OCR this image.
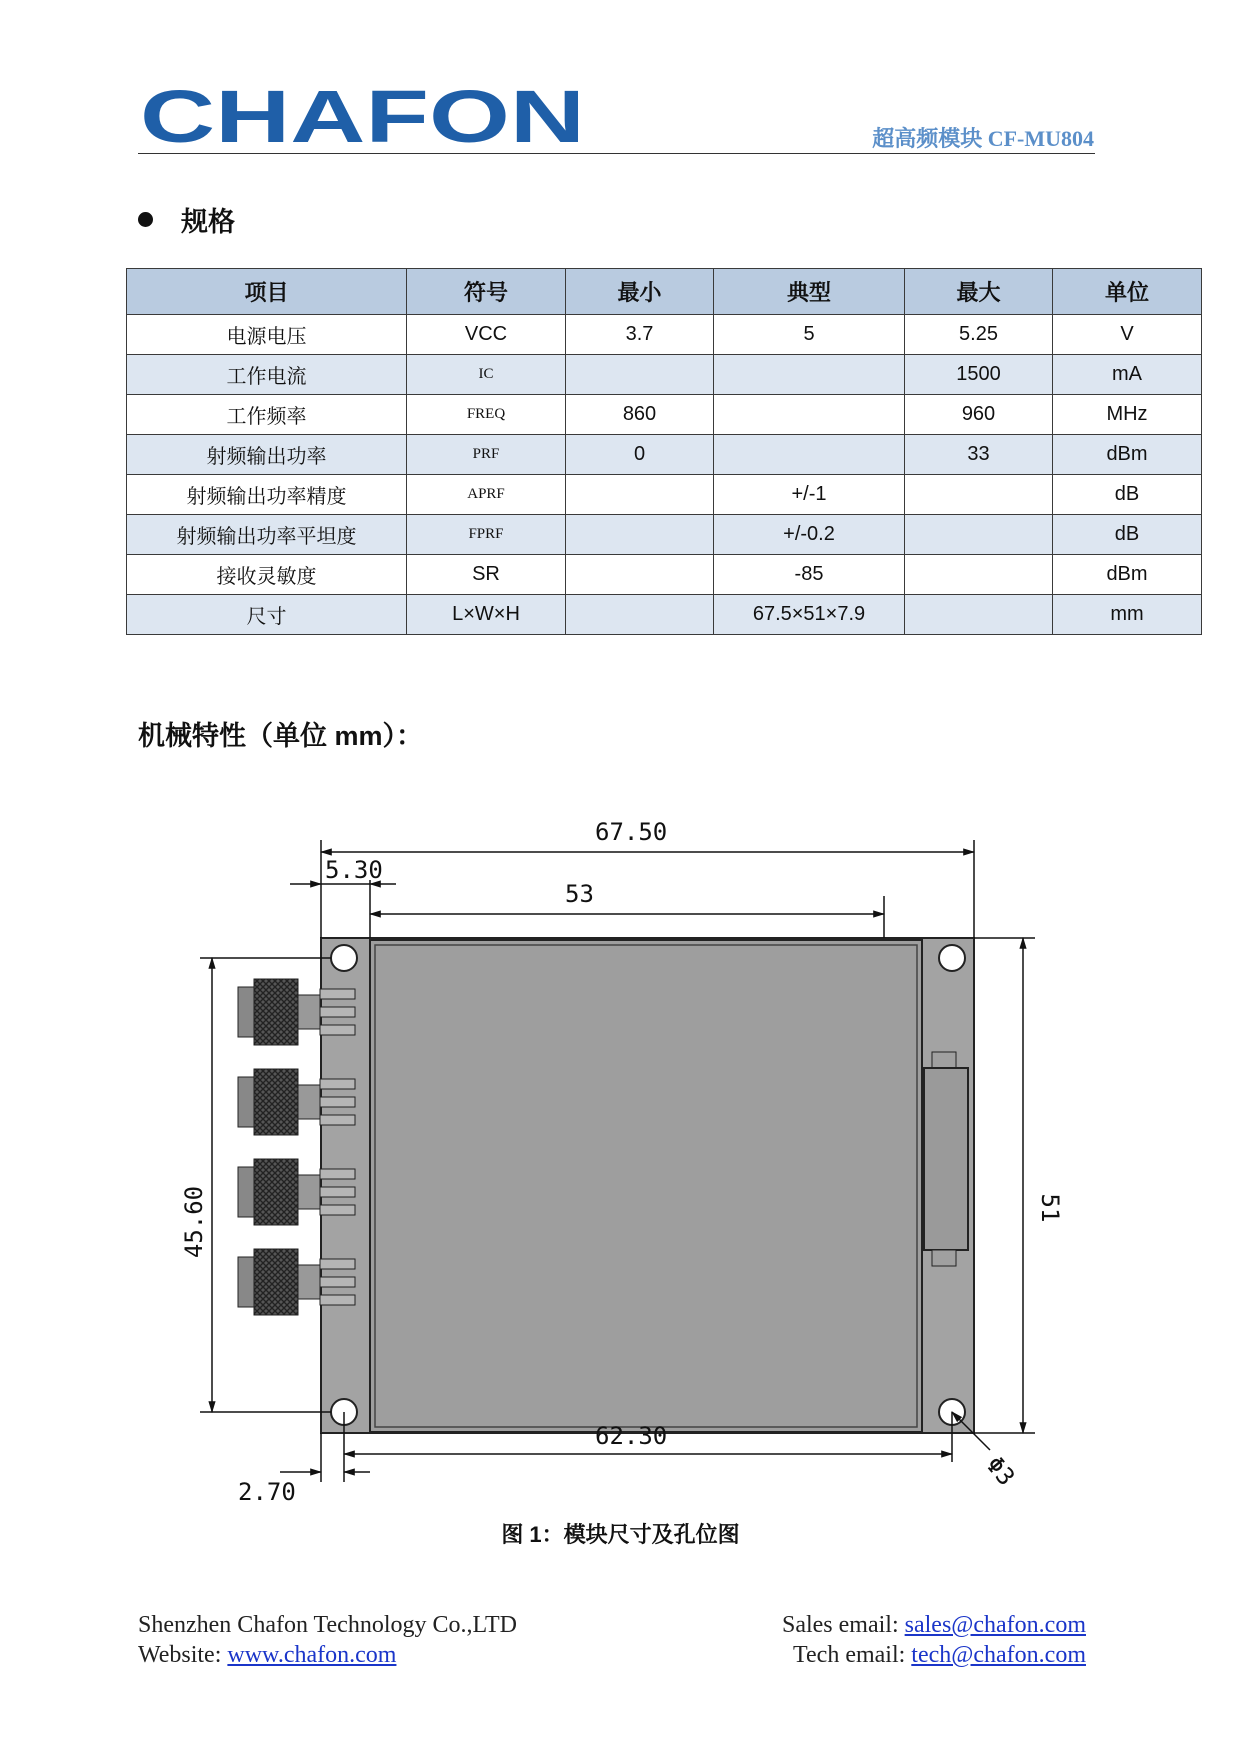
CHAFON	超高频模块 CF-MU804
规格
项目	符号	最小	典型	最大	单位
电源电压	VCC	3.7	5	5.25	V
工作电流	IC			1500	mA
工作频率	FREQ	860		960	MHz
射频输出功率	PRF	0		33	dBm
射频输出功率精度	APRF		+/-1		dB
射频输出功率平坦度	FPRF		+/-0.2		dB
接收灵敏度	SR		-85		dBm
尺寸	L×W×H		67.5×51×7.9		mm
机械特性（单位 mm）：
67.50
53
5.30
45.60	51
62.30
2.70
Φ3
图 1：模块尺寸及孔位图
Shenzhen Chafon Technology Co.,LTD
Website: www.chafon.com
Sales email: sales@chafon.com
Tech email: tech@chafon.com
